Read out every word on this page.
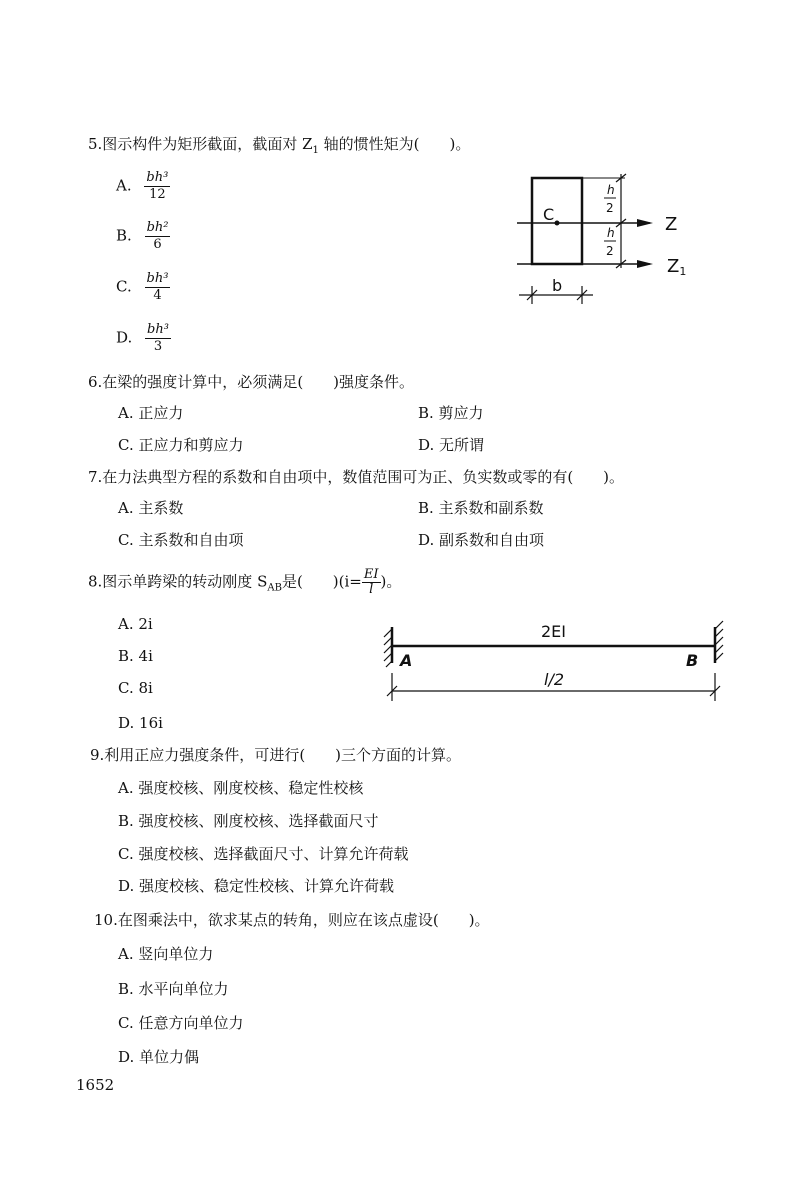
5.图示构件为矩形截面，截面对 $Z_1$ 轴的惯性矩为(　　)。
A. $\frac{\text{bh³}}{12}$
B. $\frac{\text{bh²}}{6}$
C. $\frac{\text{bh³}}{4}$
D. $\frac{\text{bh³}}{3}$
C	Z
Z1
h
2
h
2
b
6.在梁的强度计算中，必须满足(　　)强度条件。
A. 正应力	B. 剪应力
C. 正应力和剪应力	D. 无所谓
7.在力法典型方程的系数和自由项中，数值范围可为正、负实数或零的有(　　)。
A. 主系数	B. 主系数和副系数
C. 主系数和自由项	D. 副系数和自由项
8.图示单跨梁的转动刚度 $S_{AB}$是(　　)($i= \frac{EI}{l}$ )。
A. 2i
B. 4i
C. 8i
D. 16i
2EI
A	B
l/2
9.利用正应力强度条件，可进行(　　)三个方面的计算。
A. 强度校核、刚度校核、稳定性校核
B. 强度校核、刚度校核、选择截面尺寸
C. 强度校核、选择截面尺寸、计算允许荷载
D. 强度校核、稳定性校核、计算允许荷载
10.在图乘法中，欲求某点的转角，则应在该点虚设(　　)。
A. 竖向单位力
B. 水平向单位力
C. 任意方向单位力
D. 单位力偶
1652
